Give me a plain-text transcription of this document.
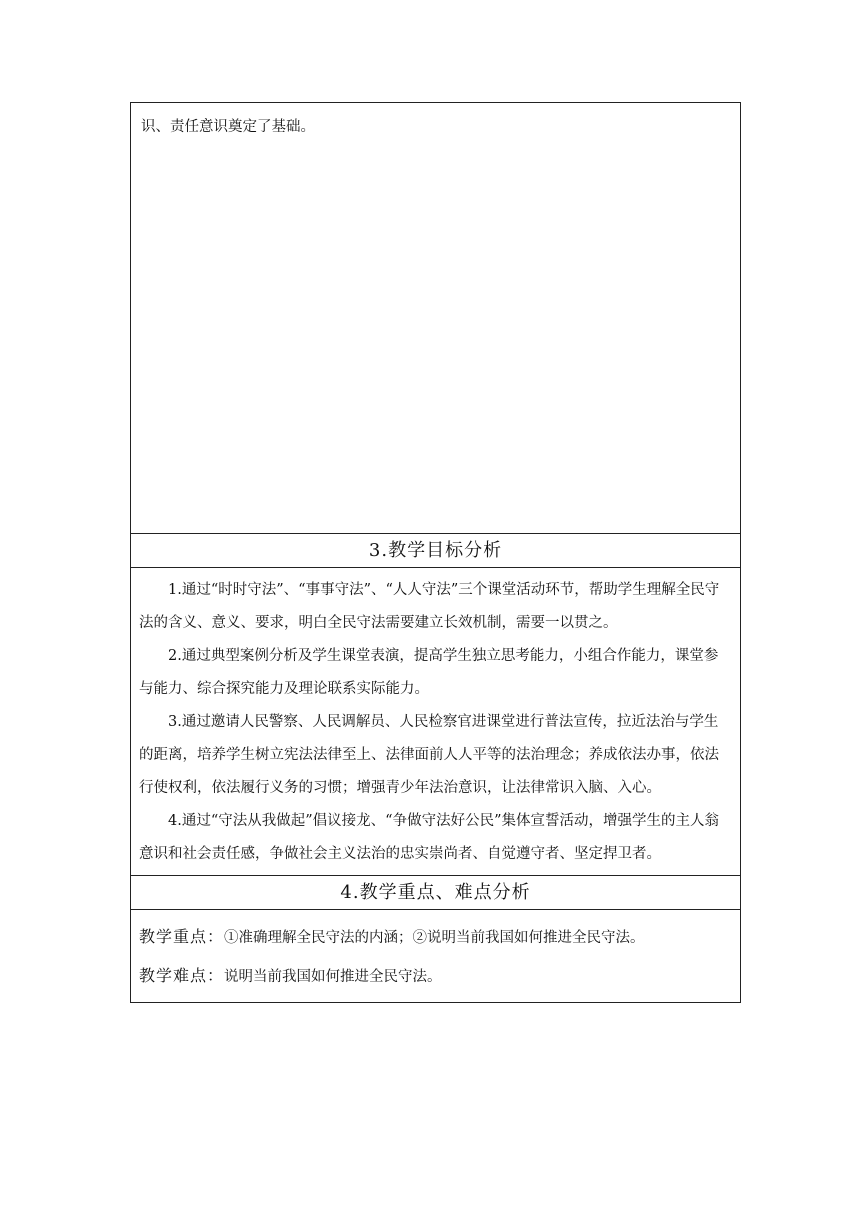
识、责任意识奠定了基础。
3.教学目标分析

1.通过“时时守法”、“事事守法”、“人人守法”三个课堂活动环节，帮助学生理解全民守法的含义、意义、要求，明白全民守法需要建立长效机制，需要一以贯之。

2.通过典型案例分析及学生课堂表演，提高学生独立思考能力，小组合作能力，课堂参与能力、综合探究能力及理论联系实际能力。

3.通过邀请人民警察、人民调解员、人民检察官进课堂进行普法宣传，拉近法治与学生的距离，培养学生树立宪法法律至上、法律面前人人平等的法治理念；养成依法办事，依法行使权利，依法履行义务的习惯；增强青少年法治意识，让法律常识入脑、入心。

4.通过“守法从我做起”倡议接龙、“争做守法好公民”集体宣誓活动，增强学生的主人翁意识和社会责任感，争做社会主义法治的忠实崇尚者、自觉遵守者、坚定捍卫者。

4.教学重点、难点分析
教学重点：①准确理解全民守法的内涵；②说明当前我国如何推进全民守法。
教学难点：说明当前我国如何推进全民守法。
